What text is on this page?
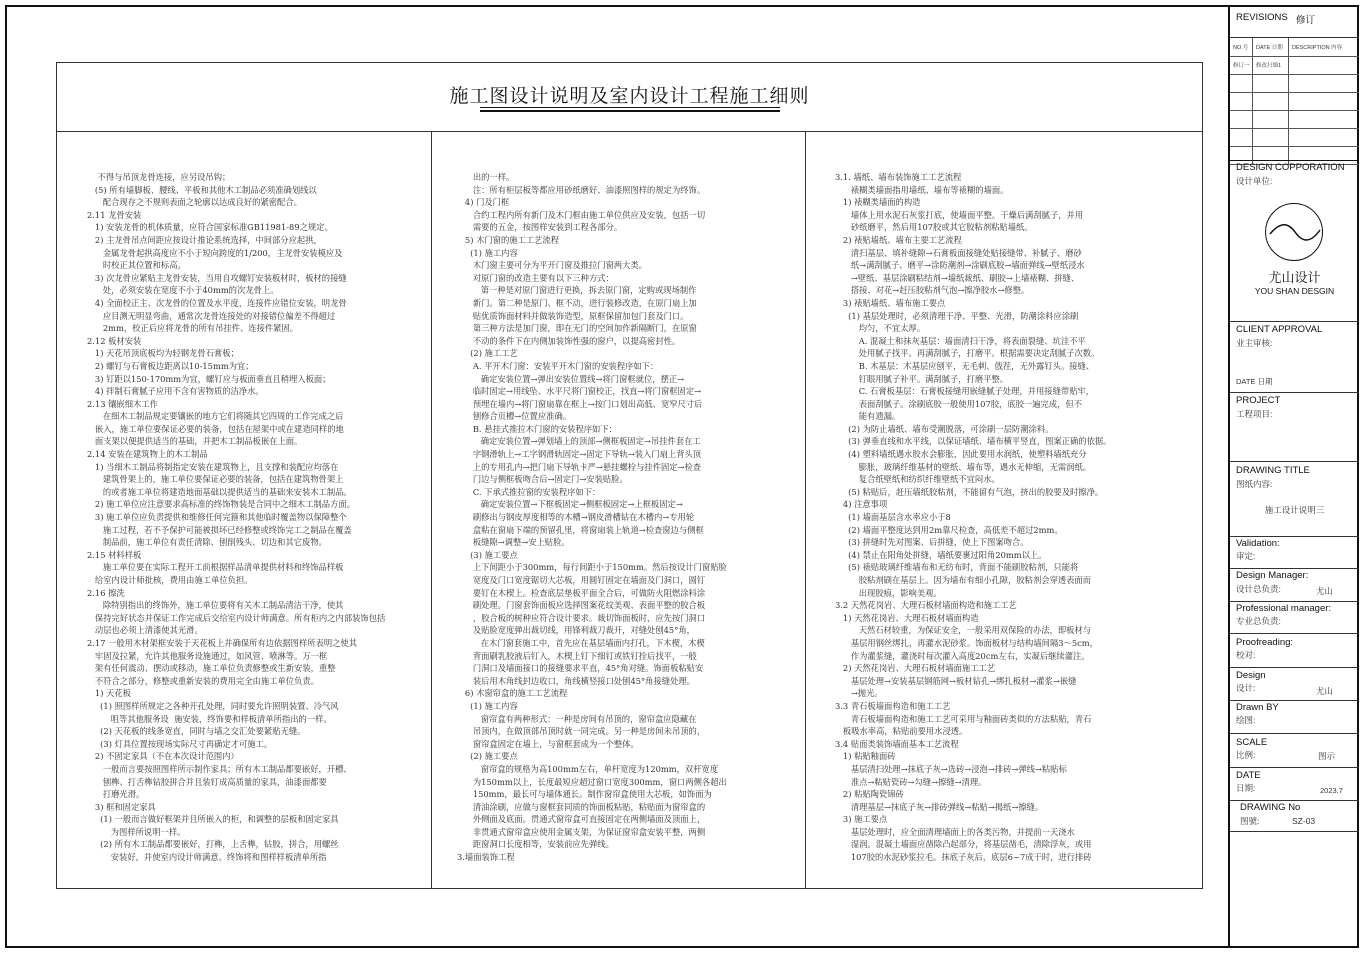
施工图设计说明及室内设计工程施工细则
不得与吊顶龙骨连接，应另设吊钩；
(5) 所有墙脚板、腰线、平板和其他木工制品必须准确划线以
配合现存之不规则表面之轮廓以达成良好的紧密配合。
2.11 龙骨安装
1) 安装龙骨的机体质量，应符合国家标准GB11981-89之规定。
2) 主龙骨吊点间距应按设计推论系统选择，中间部分应起拱，
金属龙骨起拱高度应不小于短向跨度的1/200，主龙骨安装模应及
时校正其位置和标高。
3) 次龙骨应紧贴主龙骨安装，当用自攻螺钉安装板材时，板材的接缝
处，必须安装在宽度不小于40mm的次龙骨上。
4) 全面校正主、次龙骨的位置及水平度，连接件应错位安装，明龙骨
应目测无明显弯曲，通常次龙骨连接处的对接错位偏差不得超过
2mm，校正后应将龙骨的所有吊挂件、连接件紧固。
2.12 板材安装
1) 天花吊顶底板均为轻钢龙骨石膏板；
2) 螺钉与石膏板边距离以10-15mm为宜；
3) 钉距以150-170mm为宜，螺钉应与板面垂直且稍埋入板面；
4) 拌制石膏腻子应用不含有害物质的洁净水。
2.13 镶嵌细木工作
在细木工制品规定要镶嵌的地方它们将随其它四周的工作完成之后
嵌入，施工单位要保证必要的装备，包括在屋架中或在建造同样的地
面支架以便提供适当的基础，并把木工制品板嵌在上面。
2.14 安装在建筑物上的木工制品
1) 当细木工制品将制指定安装在建筑物上，且支撑和装配应均落在
建筑骨架上的，施工单位要保证必要的装备，包括在建筑物骨架上
的或者施工单位将建造地面基础以提供适当的基础来安装木工制品。
2) 施工单位应注意要求高标准的终饰物装是合同中之细木工制品方面。
3) 施工单位应负责提供和维修任何完箍和其他临时覆盖物以保障整个
施工过程，若不予保护可能被损坏已经修整或终饰完工之制品在覆盖
制品前，施工单位有责任清除、刨削残头、切边和其它废物。
2.15 材料样板
施工单位要在实际工程开工前根据样品清单提供材料和终饰品样板
给室内设计师批核，费用由施工单位负担。
2.16 擦洗
除特别指出的终饰外，施工单位要将有关木工制品清洁干净，使其
保持完好状态并保证工作完成后交给室内设计师满意。所有柜内之内部装饰包括
动层也必须上清漆使其光滑。
2.17 一般用木材架框安装于天花板上并确保所有边依据图样所表明之使其
牢固及拉紧，允许其他服务设施通过，如风管、喷淋等。万一框
架有任何震动、摆动或移动，施工单位负责修整或生新安装，重整
不符合之部分，修整或重新安装的费用完全由施工单位负责。
1) 天花板
(1) 照图样所规定之各种开孔处理，同时要允许照明装置、冷气风
咀等其他服务设  施安装，终饰要和样板清单所指出的一样。
(2) 天花板的线条宽直，同时与墙之交汇处要紧贴无缝。
(3) 灯具位置按现场实际尺寸再确定才可施工。
2) 不固定家具（不在本次设计范围内）
一般而言要按照图样所示制作家具；所有木工制品都要嵌好，开槽、
刨榫、打舌榫钻胶拼合并且装钉成高质量的家具，油漆面都要
打磨光滑。
3) 框和固定家具
(1) 一般而言做好框架并且所嵌入的柜，和调整的层板和固定家具
为图样所说明一样。
(2) 所有木工制品都要嵌好，打榫，上舌榫，钻胶，拼合，用螺丝
安装好，并使室内设计师满意。终饰将和图样样板清单所指
出的一样。
注：所有柜层板等都应用砂纸磨好、油漆照图样的规定为终饰。
4) 门及门框
合约工程内所有新门及木门框由施工单位供应及安装，包括一切
需要的五金，按图样安装到工程各部分。
5) 木门窗的施工工艺流程
(1) 施工内容
木门窗主要可分为平开门窗及推拉门窗两大类。
对原门窗的改造主要有以下三种方式：
第一种是对原门窗进行更换，拆去原门窗，定购或现场制作
新门。第二种是原门、框不动，进行装修改造，在原门扇上加
贴优质饰面材料并做装饰造型，原框保留加包门套及门口。
第三种方法是加门窗，即在无门的空间加作新隔断门，在原窗
不动的条件下在内侧加装饰性强的窗户，以提高密封性。
(2) 施工工艺
A. 平开木门窗：安装平开木门窗的安装程序如下：
确定安装位置→弹出安装位置线→将门窗框就位，摆正→
临时固定→用线坠、水平尺将门窗校正，找直→将门窗框固定→
预埋在墙内→将门窗扇靠在框上→按门口划出高低、宽窄尺寸后
刨修合页槽→位置应准确。
B. 悬挂式推拉木门窗的安装程序如下：
确定安装位置→弹划墙上的顶部→侧框板固定→吊挂件套在工
字钢滑轨上→工字钢滑轨固定→固定下导轨→装入门扇上背头顶
上的专用孔内→把门扇下导轨卡严→悬挂螺栓与挂件固定→检查
门边与侧框板吻合后→固定门→安装贴脸。
C. 下承式推拉窗的安装程序如下：
确定安装位置→下框板固定→侧框板固定→上框板固定→
刷修出与钢皮厚度相等的木槽→钢皮滑槽钻在木槽内→专用轮
盒粘在窗扇下端的预留孔里，将窗扇装上轨道→检查窗边与侧框
板缝隙→调整→安上贴脸。
(3) 施工要点
上下间距小于300mm，每行间距小于150mm。然后按设计门窗贴脸
宽度及门口宽度锯切大芯板，用圆钉固定在墙面及门洞口，圆钉
要钉在木楔上。检查底层垫板平面全合后，可做防火阻燃涂料涂
刷处理。门窗套饰面板应选择图案花纹美观、表面平整的胶合板
，胶合板的树种应符合设计要求。裁切饰面板时，应先按门洞口
及贴脸宽度弹出裁切线，用锋利裁刀裁开，对缝处刨45°角，
在木门窗套施工中，首先应在基层墙面内打孔，下木楔，木楔
背面刷乳胶液后钉入，木楔上钉下细钉或铁钉拴后找平，一般
门洞口及墙面接口的接缝要求平直，45°角对缝。饰面板粘贴安
装后用木角线封边收口，角线横竖接口处刨45°角接缝处理。
6) 木窗帘盒的施工工艺流程
(1) 施工内容
窗帘盒有两种形式：一种是房间有吊顶的，窗帘盒应隐藏在
吊顶内，在做顶部吊顶时就一同完成。另一种是房间未吊顶的，
窗帘盒固定在墙上，与窗框套成为一个整体。
(2) 施工要点
窗帘盒的规格为高100mm左右，单杆宽度为120mm，双杆宽度
为150mm以上，长度最短应超过窗口宽度300mm，窗口两侧各超出
150mm，最长可与墙体通长。制作窗帘盒使用大芯板，如饰面为
清油涂刷，应做与窗框套同质的饰面板粘贴，粘贴面为窗帘盒的
外侧面及底面。贯通式窗帘盒可直接固定在两侧墙面及顶面上，
非贯通式窗帘盒应使用金属支架，为保证窗帘盒安装平整，两侧
距窗洞口长度相等，安装前应先弹线。
3.墙面装饰工程
3.1. 墙纸、墙布装饰施工工艺流程
裱糊类墙面指用墙纸、墙布等裱糊的墙面。
1) 裱糊类墙面的构造
墙体上用水泥石灰浆打底，使墙面平整。干燥后满刮腻子，并用
砂纸磨平，然后用107胶或其它胶粘剂粘贴墙纸。
2) 裱贴墙纸、墙布主要工艺流程
清扫基层、填补缝隙→石膏板面接缝处贴接缝带、补腻子、磨砂
纸→满刮腻子、磨平→涂防潮剂→涂刷底胶→墙面弹线→壁纸浸水
→壁纸、基层涂刷粘结剂→墙纸裁纸、刷胶→上墙裱糊、拼缝、
搭接、对花→赶压胶粘剂气泡→擦净胶水→修整。
3) 裱贴墙纸、墙布施工要点
(1) 基层处理时，必须清理干净、平整、光滑，防潮涂料应涂刷
均匀，不宜太厚。
A. 混凝土和抹灰基层：墙面清扫干净，将表面裂缝、坑洼不平
处用腻子找平。再满刮腻子，打磨平。根据需要决定刮腻子次数。
B. 木基层：木基层应刨平，无毛刺、戗茬，无外露钉头。接缝、
钉眼用腻子补平。满刮腻子，打磨平整。
C. 石膏板基层：石膏板接缝用嵌缝腻子处理，并用接缝带贴牢，
表面刮腻子。涂刷底胶一般使用107胶，底胶一遍完成，但不
能有遗漏。
(2) 为防止墙纸、墙布受潮脱落，可涂刷一层防潮涂料。
(3) 弹垂直线和水平线，以保证墙纸、墙布横平竖直，图案正确的依据。
(4) 塑料墙纸遇水胶水会膨胀，因此要用水润纸，使塑料墙纸充分
膨胀，玻璃纤维基材的壁纸、墙布等，遇水无伸缩，无需润纸。
复合纸壁纸和纺织纤维壁纸不宜闷水。
(5) 粘贴后，赶压墙纸胶粘剂，不能留有气泡，挤出的胶要及时擦净。
4) 注意事项
(1) 墙面基层含水率应小于8
(2) 墙面平整度达到用2m靠尺检查，高低差不超过2mm。
(3) 拼缝时先对图案、后拼缝，使上下图案吻合。
(4) 禁止在阳角处拼缝，墙纸要裹过阳角20mm以上。
(5) 裱贴玻璃纤维墙布和无纺布时，背面不能刷胶粘剂，只能将
胶粘剂刷在基层上。因为墙布有细小孔隙，胶粘剂会穿透表面而
出现胶痕，影响美观。
3.2 天然花岗岩、大理石板材墙面构造和施工工艺
1) 天然花岗岩、大理石板材墙面构造
天然石材较重，为保证安全，一般采用双保险的办法，即板材与
基层用钢丝绑扎，再灌水泥砂浆。饰面板材与结构墙间隔3～5cm，
作为灌浆缝，灌浇时每次灌入高度20cm左右，实凝后继续灌注。
2) 天然花岗岩、大理石板材墙面施工工艺
基层处理→安装基层钢筋网→板材钻孔→绑扎板材→灌浆→嵌缝
→抛光。
3.3 青石板墙面构造和施工工艺
青石板墙面构造和施工工艺可采用与釉面砖类似的方法粘贴，青石
板吸水率高，粘贴前要用水浸透。
3.4 贴面类装饰墙面基本工艺流程
1) 粘贴釉面砖
基层清扫处理→抹底子灰→选砖→浸泡→排砖→弹线→粘贴标
准点→粘贴瓷砖→勾缝→擦缝→清理。
2) 粘贴陶瓷锦砖
清理基层→抹底子灰→排砖弹线→粘贴→揭纸→擦缝。
3) 施工要点
基层处理时，应全面清理墙面上的各类污物，并提前一天浇水
湿润。混凝土墙面应凿除凸起部分，将基层凿毛，清除浮灰，或用
107胶的水泥砂浆拉毛。抹底子灰后，底层6~7成干时，进行排砖
REVISIONS 修订
NO.号 DATE 日期 DESCRIPTION 内容
修订一 修改扫墙1
DESIGN COPPORATION
设计单位:
尤山设计
YOU SHAN DESGIN
CLIENT APPROVAL
业主审核:
DATE 日期
PROJECT
工程项目:
DRAWING TITLE
图纸内容:
施工设计说明三
Validation:
审定:
Design Manager:
设计总负责:	尤山
Professional manager:
专业总负责:
Proofreading:
校对:
Design
设计:	尤山
Drawn BY
绘图:
SCALE
比例:	图示
DATE
日期:	2023.7
DRAWING No
图號:	SZ-03
